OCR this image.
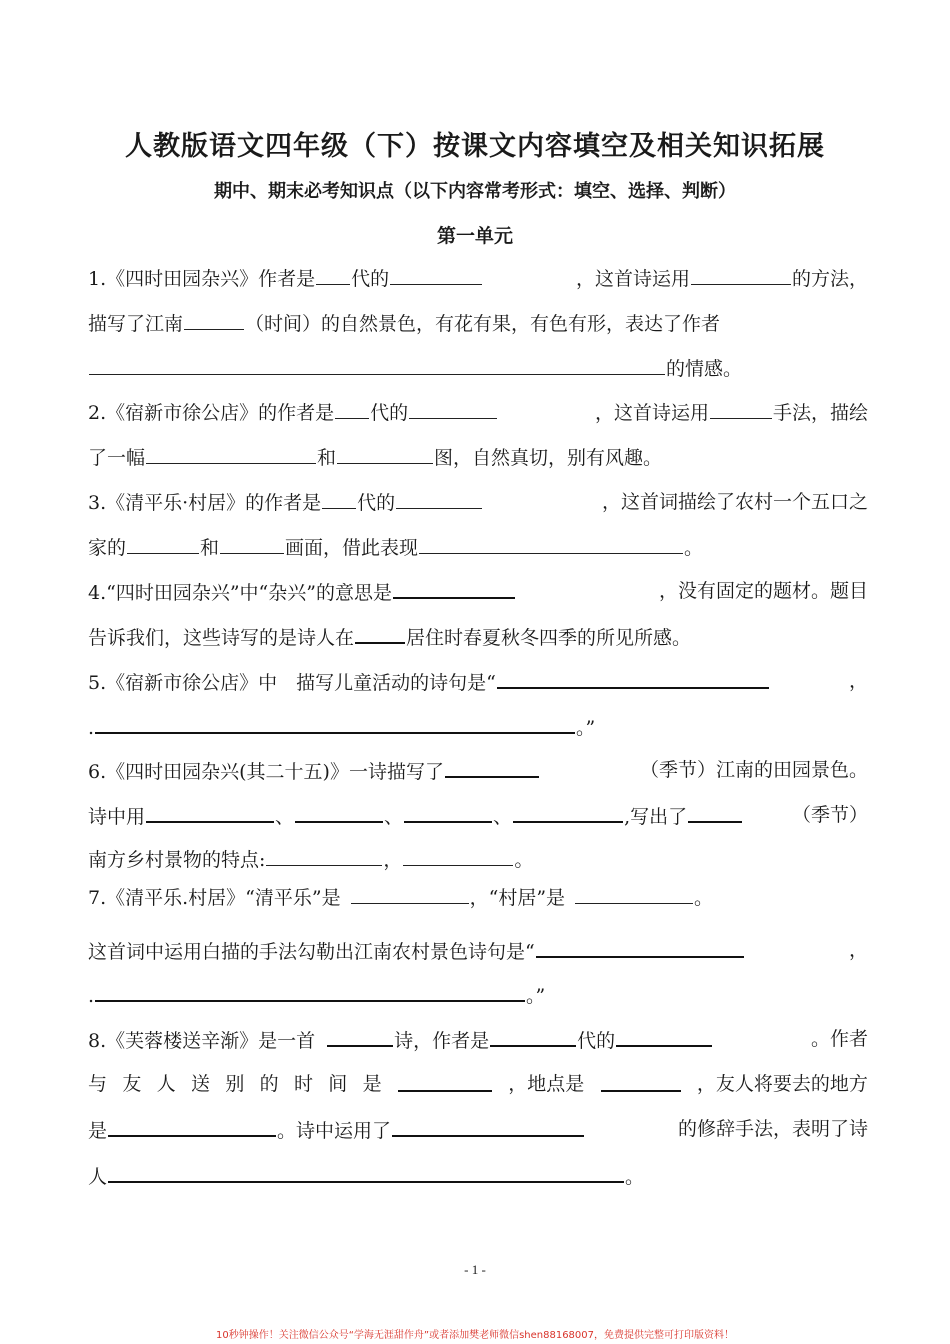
人教版语文四年级（下）按课文内容填空及相关知识拓展
期中、期末必考知识点（以下内容常考形式：填空、选择、判断）
第一单元
1.《四时田园杂兴》作者是 代的	，这首诗运用	的方法，
描写了江南	（时间）的自然景色，有花有果，有色有形，表达了作者
的情感。
2.《宿新市徐公店》的作者是 代的	，这首诗运用	手法，描绘
了一幅	和	图，自然真切，别有风趣。
3.《清平乐·村居》的作者是 代的	，这首词描绘了农村一个五口之
家的	和	画面，借此表现	。
4.“四时田园杂兴”中“杂兴”的意思是	，没有固定的题材。题目
告诉我们，这些诗写的是诗人在	居住时春夏秋冬四季的所见所感。
5.《宿新市徐公店》中　描写儿童活动的诗句是“	，
.	。”
6.《四时田园杂兴(其二十五)》一诗描写了	（季节）江南的田园景色。
诗中用	、	、	、	,写出了	（季节）
南方乡村景物的特点:	，	。
7.《清平乐.村居》“清平乐”是	，“村居”是	。
这首词中运用白描的手法勾勒出江南农村景色诗句是“	，
.	。”
8.《芙蓉楼送辛渐》是一首	诗，作者是	代的	。作者
与 友 人 送 别 的 时 间 是	，地点是	，友人将要去的地方
是	。诗中运用了	的修辞手法，表明了诗
人	。
- 1 -
10秒钟操作！关注微信公众号“学海无涯甜作舟”或者添加樊老师微信shen88168007，免费提供完整可打印版资料！
